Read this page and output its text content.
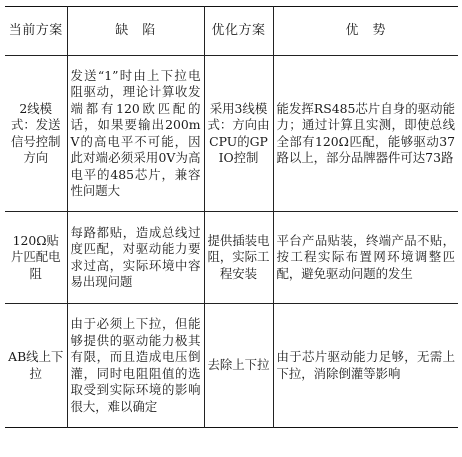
当前方案	缺　陷	优化方案	优　势
2线模式：发送信号控制方向	发送“1”时由上下拉电阻驱动，理论计算收发端都有120欧匹配的话，如果要输出200mV的高电平不可能，因此对端必须采用0V为高电平的485芯片，兼容性问题大	采用3线模式：方向由CPU的GPIO控制	能发挥RS485芯片自身的驱动能力；通过计算且实测，即使总线全部有120Ω匹配，能够驱动37路以上，部分品牌器件可达73路
120Ω贴片匹配电阻	每路都贴，造成总线过度匹配，对驱动能力要求过高，实际环境中容易出现问题	提供插装电阻，实际工程安装	平台产品贴装，终端产品不贴，按工程实际布置网环境调整匹配，避免驱动问题的发生
AB线上下拉	由于必须上下拉，但能够提供的驱动能力极其有限，而且造成电压倒灌，同时电阻阻值的选取受到实际环境的影响很大，难以确定	去除上下拉	由于芯片驱动能力足够，无需上下拉，消除倒灌等影响
